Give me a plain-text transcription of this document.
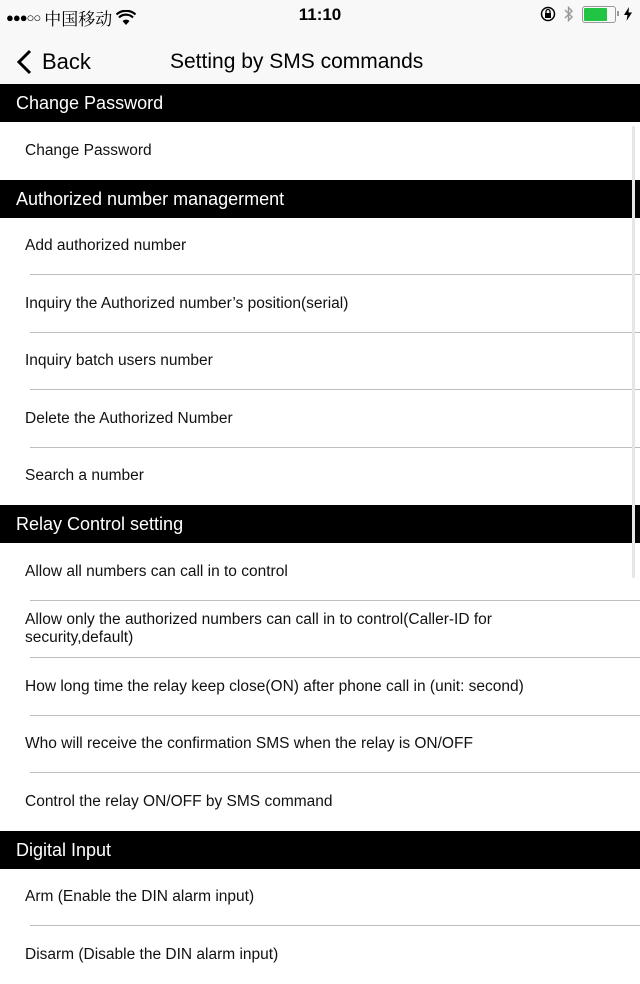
●●●○○ 中国移动	11:10
Back	Setting by SMS commands
Change Password
Change Password
Authorized number managerment
Add authorized number
Inquiry the Authorized number’s position(serial)
Inquiry batch users number
Delete the Authorized Number
Search a number
Relay Control setting
Allow all numbers can call in to control
Allow only the authorized numbers can call in to control(Caller-ID for security,default)
How long time the relay keep close(ON) after phone call in (unit: second)
Who will receive the confirmation SMS when the relay is ON/OFF
Control the relay ON/OFF by SMS command
Digital Input
Arm (Enable the DIN alarm input)
Disarm (Disable the DIN alarm input)
